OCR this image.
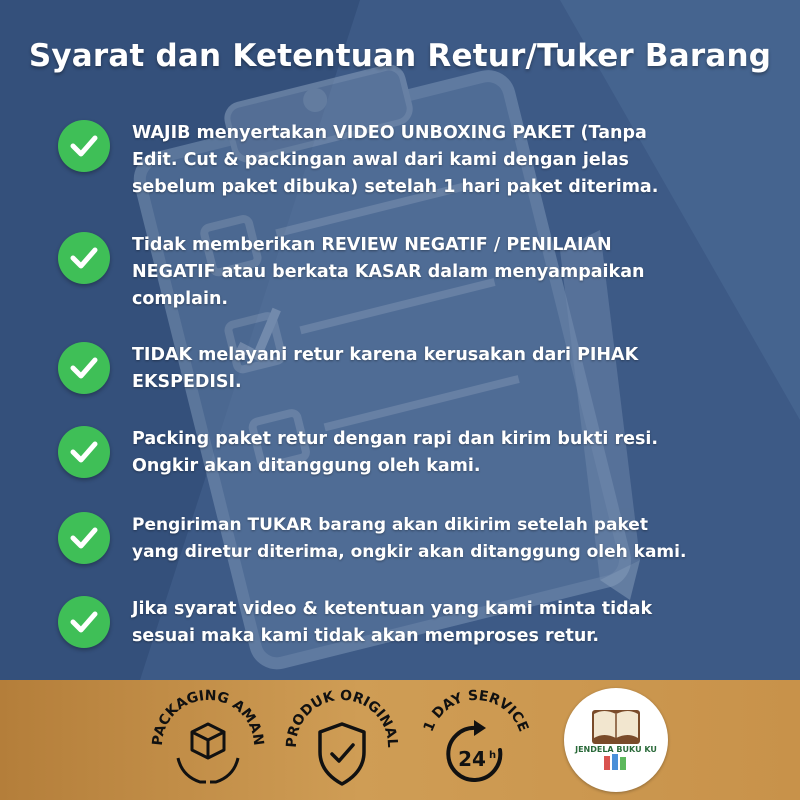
Syarat dan Ketentuan Retur/Tuker Barang
WAJIB menyertakan VIDEO UNBOXING PAKET (Tanpa
Edit. Cut & packingan awal dari kami dengan jelas
sebelum paket dibuka) setelah 1 hari paket diterima.
Tidak memberikan REVIEW NEGATIF / PENILAIAN
NEGATIF atau berkata KASAR dalam menyampaikan
complain.
TIDAK melayani retur karena kerusakan dari PIHAK
EKSPEDISI.
Packing paket retur dengan rapi dan kirim bukti resi.
Ongkir akan ditanggung oleh kami.
Pengiriman TUKAR barang akan dikirim setelah paket
yang diretur diterima, ongkir akan ditanggung oleh kami.
Jika syarat video & ketentuan yang kami minta tidak
sesuai maka kami tidak akan memproses retur.
PACKAGING AMAN PRODUK ORIGINAL
1 DAY SERVICE
24 h
JENDELA BUKU KU
